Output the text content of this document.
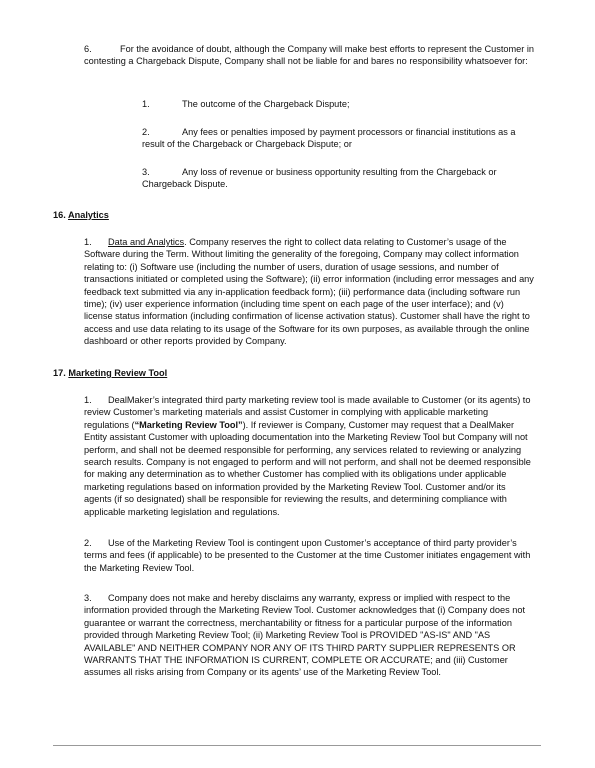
6.	For the avoidance of doubt, although the Company will make best efforts to represent the Customer in contesting a Chargeback Dispute, Company shall not be liable for and bares no responsibility whatsoever for:
1.	The outcome of the Chargeback Dispute;
2.	Any fees or penalties imposed by payment processors or financial institutions as a result of the Chargeback or Chargeback Dispute; or
3.	Any loss of revenue or business opportunity resulting from the Chargeback or Chargeback Dispute.
16. Analytics
1. Data and Analytics. Company reserves the right to collect data relating to Customer’s usage of the Software during the Term. Without limiting the generality of the foregoing, Company may collect information relating to: (i) Software use (including the number of users, duration of usage sessions, and number of transactions initiated or completed using the Software); (ii) error information (including error messages and any feedback text submitted via any in-application feedback form); (iii) performance data (including software run time); (iv) user experience information (including time spent on each page of the user interface); and (v) license status information (including confirmation of license activation status). Customer shall have the right to access and use data relating to its usage of the Software for its own purposes, as available through the online dashboard or other reports provided by Company.
17. Marketing Review Tool
1. DealMaker’s integrated third party marketing review tool is made available to Customer (or its agents) to review Customer’s marketing materials and assist Customer in complying with applicable marketing regulations (“Marketing Review Tool”). If reviewer is Company, Customer may request that a DealMaker Entity assistant Customer with uploading documentation into the Marketing Review Tool but Company will not perform, and shall not be deemed responsible for performing, any services related to reviewing or analyzing search results. Company is not engaged to perform and will not perform, and shall not be deemed responsible for making any determination as to whether Customer has complied with its obligations under applicable marketing regulations based on information provided by the Marketing Review Tool. Customer and/or its agents (if so designated) shall be responsible for reviewing the results, and determining compliance with applicable marketing legislation and regulations.
2. Use of the Marketing Review Tool is contingent upon Customer’s acceptance of third party provider’s terms and fees (if applicable) to be presented to the Customer at the time Customer initiates engagement with the Marketing Review Tool.
3. Company does not make and hereby disclaims any warranty, express or implied with respect to the information provided through the Marketing Review Tool. Customer acknowledges that (i) Company does not guarantee or warrant the correctness, merchantability or fitness for a particular purpose of the information provided through Marketing Review Tool; (ii) Marketing Review Tool is PROVIDED "AS-IS" AND "AS AVAILABLE" AND NEITHER COMPANY NOR ANY OF ITS THIRD PARTY SUPPLIER REPRESENTS OR WARRANTS THAT THE INFORMATION IS CURRENT, COMPLETE OR ACCURATE; and (iii) Customer assumes all risks arising from Company or its agents’ use of the Marketing Review Tool.
